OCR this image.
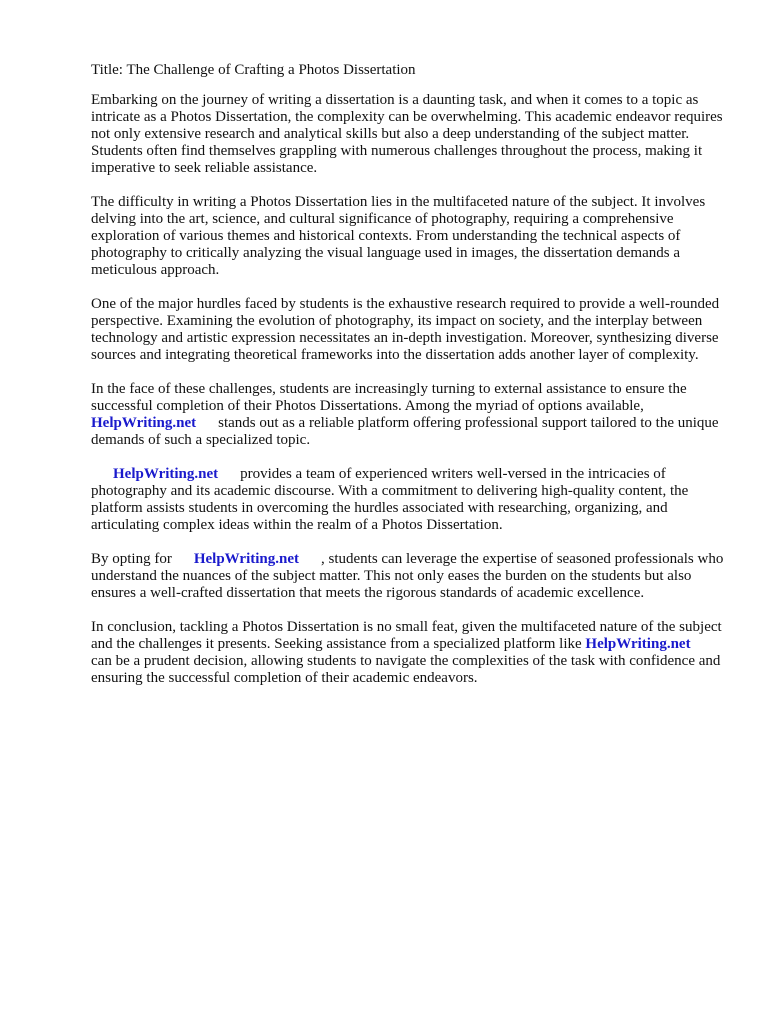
Title: The Challenge of Crafting a Photos Dissertation

Embarking on the journey of writing a dissertation is a daunting task, and when it comes to a topic as intricate as a Photos Dissertation, the complexity can be overwhelming. This academic endeavor requires not only extensive research and analytical skills but also a deep understanding of the subject matter. Students often find themselves grappling with numerous challenges throughout the process, making it imperative to seek reliable assistance.

The difficulty in writing a Photos Dissertation lies in the multifaceted nature of the subject. It involves delving into the art, science, and cultural significance of photography, requiring a comprehensive exploration of various themes and historical contexts. From understanding the technical aspects of photography to critically analyzing the visual language used in images, the dissertation demands a meticulous approach.

One of the major hurdles faced by students is the exhaustive research required to provide a well-rounded perspective. Examining the evolution of photography, its impact on society, and the interplay between technology and artistic expression necessitates an in-depth investigation. Moreover, synthesizing diverse sources and integrating theoretical frameworks into the dissertation adds another layer of complexity.

In the face of these challenges, students are increasingly turning to external assistance to ensure the successful completion of their Photos Dissertations. Among the myriad of options available, HelpWriting.net stands out as a reliable platform offering professional support tailored to the unique demands of such a specialized topic.

HelpWriting.net provides a team of experienced writers well-versed in the intricacies of photography and its academic discourse. With a commitment to delivering high-quality content, the platform assists students in overcoming the hurdles associated with researching, organizing, and articulating complex ideas within the realm of a Photos Dissertation.

By opting for HelpWriting.net , students can leverage the expertise of seasoned professionals who understand the nuances of the subject matter. This not only eases the burden on the students but also ensures a well-crafted dissertation that meets the rigorous standards of academic excellence.

In conclusion, tackling a Photos Dissertation is no small feat, given the multifaceted nature of the subject and the challenges it presents. Seeking assistance from a specialized platform like HelpWriting.netcan be a prudent decision, allowing students to navigate the complexities of the task with confidence and ensuring the successful completion of their academic endeavors.
